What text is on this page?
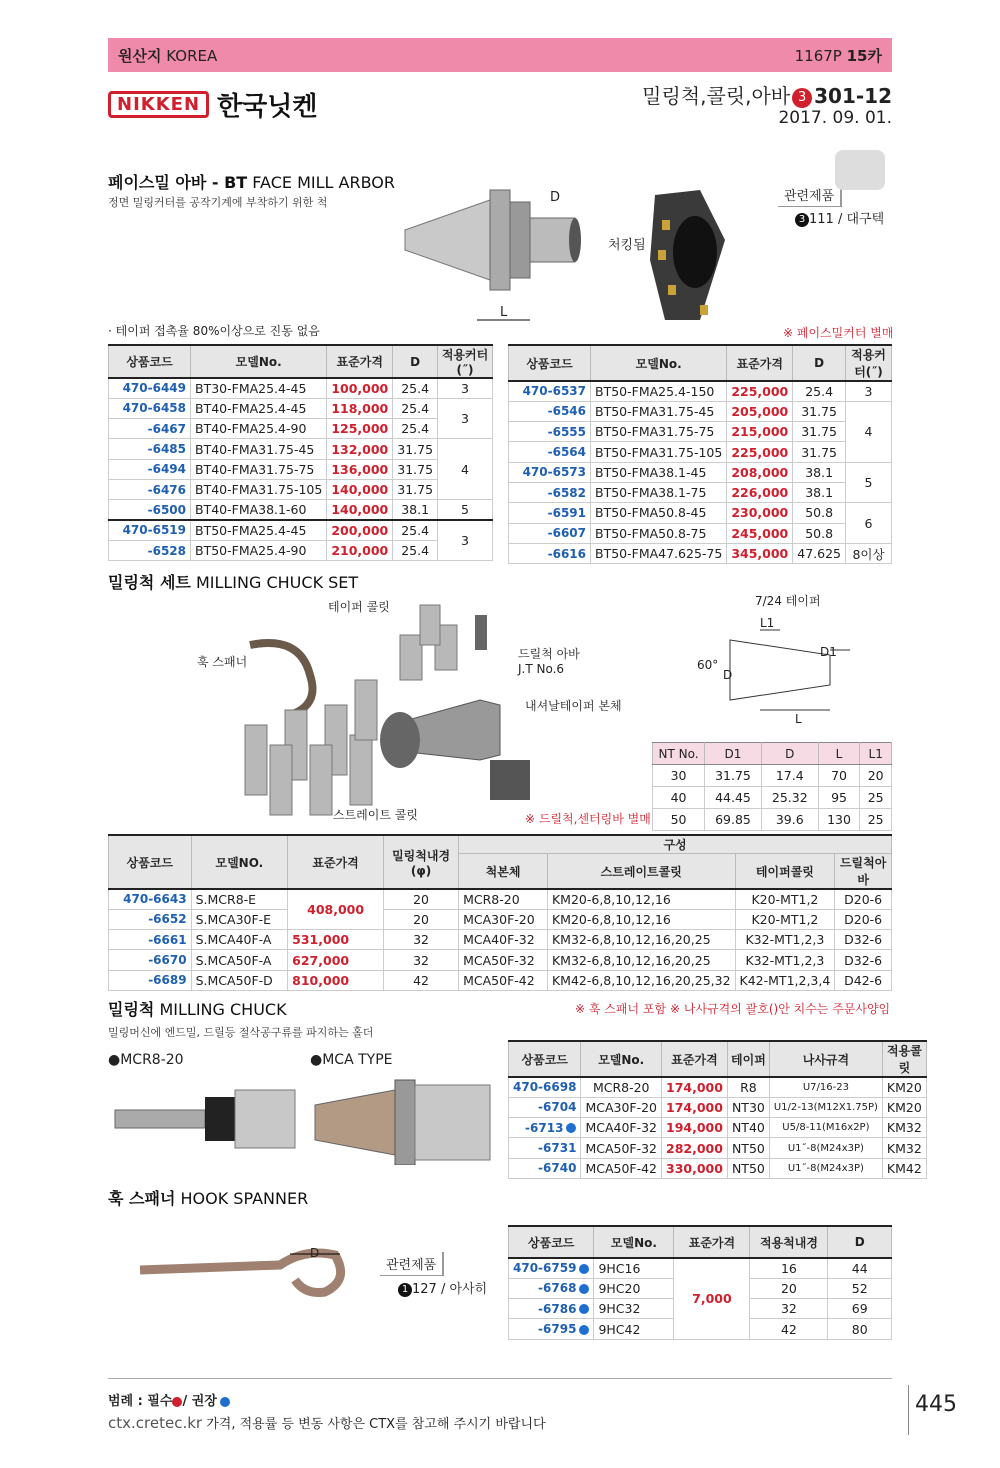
원산지 KOREA	1167P 15카
NIKKEN 한국닛켄	밀링척,콜릿,아바 3 301-12
2017. 09. 01.
페이스밀 아바 - BT FACE MILL ARBOR
정면 밀링커터를 공작기계에 부착하기 위한 척	D
L
처킹됨
관련제품
3 111 / 대구텍
· 테이퍼 접촉율 80%이상으로 진동 없음	※ 페이스밀커터 별매
상품코드	모델No.	표준가격	D	적용커터(˝)
470-6449	BT30-FMA25.4-45	100,000	25.4	3
470-6458	BT40-FMA25.4-45	118,000	25.4	3
-6467	BT40-FMA25.4-90	125,000	25.4	
-6485	BT40-FMA31.75-45	132,000	31.75	4
-6494	BT40-FMA31.75-75	136,000	31.75	
-6476	BT40-FMA31.75-105	140,000	31.75	
-6500	BT40-FMA38.1-60	140,000	38.1	5
470-6519	BT50-FMA25.4-45	200,000	25.4	3
-6528	BT50-FMA25.4-90	210,000	25.4	
상품코드	모델No.	표준가격	D	적용커터(˝)
470-6537	BT50-FMA25.4-150	225,000	25.4	3
-6546	BT50-FMA31.75-45	205,000	31.75	4
-6555	BT50-FMA31.75-75	215,000	31.75	
-6564	BT50-FMA31.75-105	225,000	31.75	
470-6573	BT50-FMA38.1-45	208,000	38.1	5
-6582	BT50-FMA38.1-75	226,000	38.1	
-6591	BT50-FMA50.8-45	230,000	50.8	6
-6607	BT50-FMA50.8-75	245,000	50.8	
-6616	BT50-FMA47.625-75	345,000	47.625	8이상
밀링척 세트 MILLING CHUCK SET
테이퍼 콜릿
훅 스패너
드릴척 아바
J.T No.6
내셔날테이퍼 본체
스트레이트 콜릿	※ 드릴척,센터링바 별매
7/24 테이퍼
L1
D1
D
60°
L
NT No.	D1	D	L	L1
30	31.75	17.4	70	20
40	44.45	25.32	95	25
50	69.85	39.6	130	25
상품코드	모델NO.	표준가격	밀링척내경(φ)	구성			
				척본체	스트레이트콜릿	테이퍼콜릿	드릴척아바
470-6643	S.MCR8-E	408,000	20	MCR8-20	KM20-6,8,10,12,16	K20-MT1,2	D20-6
-6652	S.MCA30F-E		20	MCA30F-20	KM20-6,8,10,12,16	K20-MT1,2	D20-6
-6661	S.MCA40F-A	531,000	32	MCA40F-32	KM32-6,8,10,12,16,20,25	K32-MT1,2,3	D32-6
-6670	S.MCA50F-A	627,000	32	MCA50F-32	KM32-6,8,10,12,16,20,25	K32-MT1,2,3	D32-6
-6689	S.MCA50F-D	810,000	42	MCA50F-42	KM42-6,8,10,12,16,20,25,32	K42-MT1,2,3,4	D42-6
밀링척 MILLING CHUCK
밀링머신에 엔드밀, 드릴등 절삭공구류를 파지하는 홀더
※ 훅 스패너 포함 ※ 나사규격의 괄호()안 치수는 주문사양임
●MCR8-20	●MCA TYPE	상품코드	모델No.	표준가격	테이퍼	나사규격	적용콜릿
470-6698	MCR8-20	174,000	R8	U7/16-23	KM20
-6704	MCA30F-20	174,000	NT30	U1/2-13(M12X1.75P)	KM20
-6713	MCA40F-32	194,000	NT40	U5/8-11(M16x2P)	KM32
-6731	MCA50F-32	282,000	NT50	U1˝-8(M24x3P)	KM32
-6740	MCA50F-42	330,000	NT50	U1˝-8(M24x3P)	KM42
훅 스패너 HOOK SPANNER
D
관련제품
1 127 / 아사히
상품코드	모델No.	표준가격	적용척내경	D
470-6759	9HC16	7,000	16	44
-6768	9HC20		20	52
-6786	9HC32		32	69
-6795	9HC42		42	80
범례 : 필수 / 권장
ctx.cretec.kr 가격, 적용률 등 변동 사항은 CTX를 참고해 주시기 바랍니다
445
